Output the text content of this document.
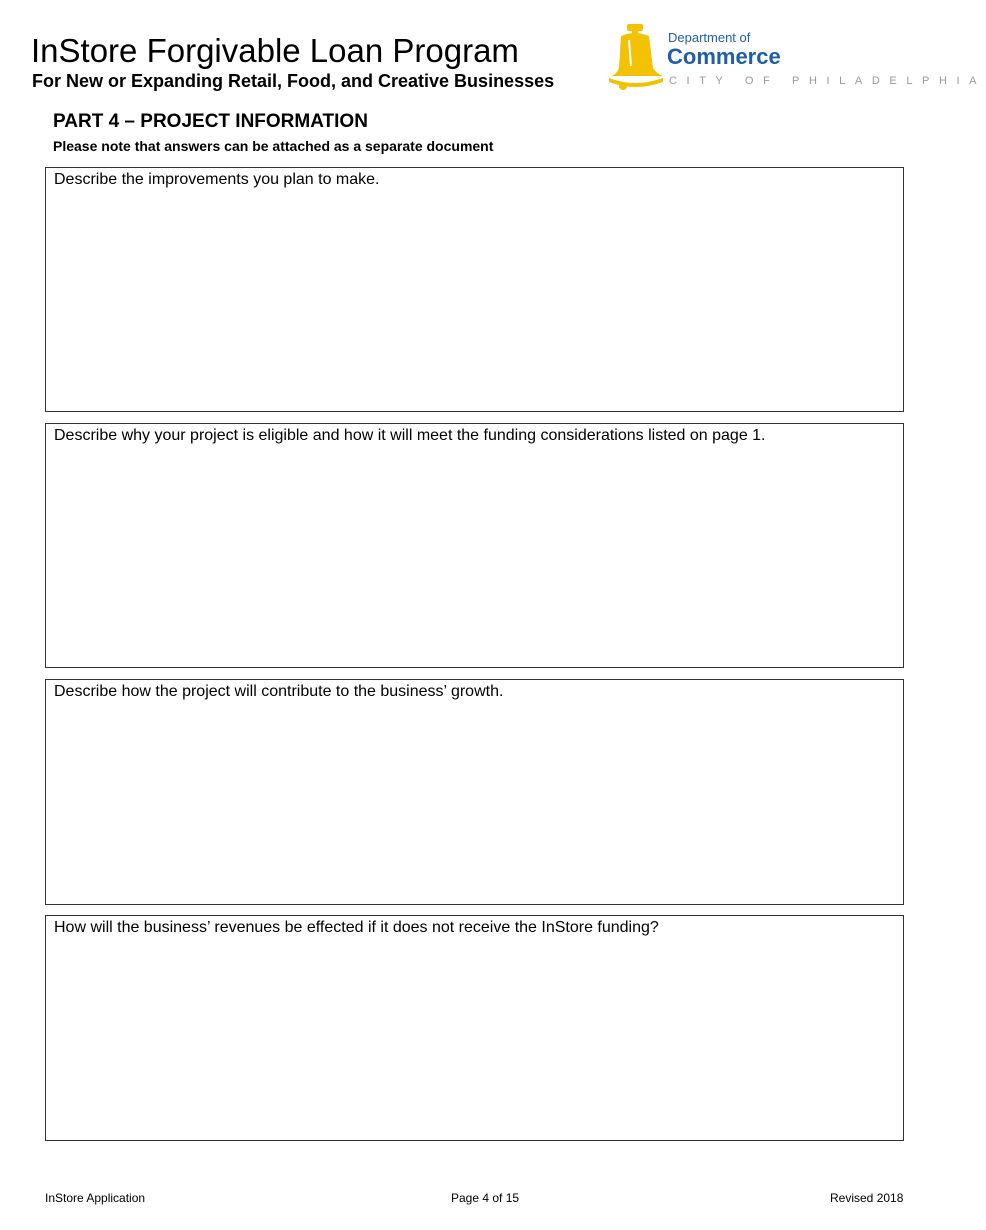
InStore Forgivable Loan Program
For New or Expanding Retail, Food, and Creative Businesses
Department of
Commerce
CITY OF PHILADELPHIA
PART 4 – PROJECT INFORMATION
Please note that answers can be attached as a separate document
Describe the improvements you plan to make.
Describe why your project is eligible and how it will meet the funding considerations listed on page 1.
Describe how the project will contribute to the business’ growth.
How will the business’ revenues be effected if it does not receive the InStore funding?
InStore Application	Page 4 of 15	Revised 2018
